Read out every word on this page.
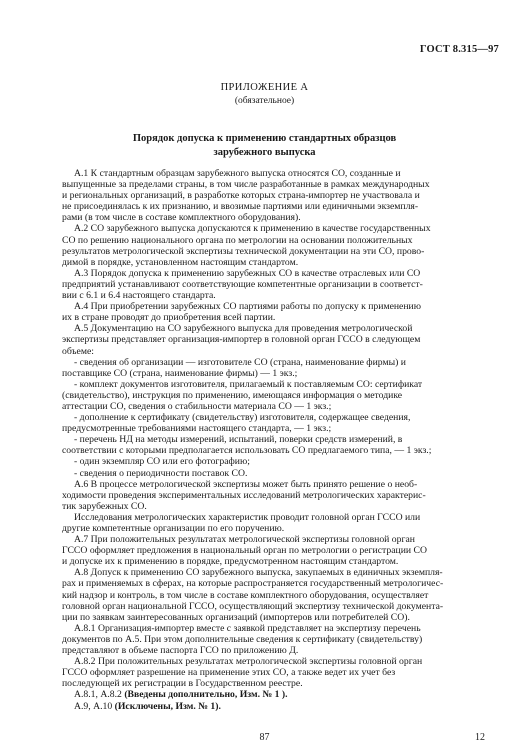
ГОСТ 8.315—97
ПРИЛОЖЕНИЕ А
(обязательное)
Порядок допуска к применению стандартных образцов
зарубежного выпуска
А.1 К стандартным образцам зарубежного выпуска относятся СО, созданные и
выпущенные за пределами страны, в том числе разработанные в рамках международных
и региональных организаций, в разработке которых страна-импортер не участвовала и
не присоединялась к их признанию, и ввозимые партиями или единичными экземпля-
рами (в том числе в составе комплектного оборудования).
А.2 СО зарубежного выпуска допускаются к применению в качестве государственных
СО по решению национального органа по метрологии на основании положительных
результатов метрологической экспертизы технической документации на эти СО, прово-
димой в порядке, установленном настоящим стандартом.
А.3 Порядок допуска к применению зарубежных СО в качестве отраслевых или СО
предприятий устанавливают соответствующие компетентные организации в соответст-
вии с 6.1 и 6.4 настоящего стандарта.
А.4 При приобретении зарубежных СО партиями работы по допуску к применению
их в стране проводят до приобретения всей партии.
А.5 Документацию на СО зарубежного выпуска для проведения метрологической
экспертизы представляет организация-импортер в головной орган ГССО в следующем
объеме:
- сведения об организации — изготовителе СО (страна, наименование фирмы) и
поставщике СО (страна, наименование фирмы) — 1 экз.;
- комплект документов изготовителя, прилагаемый к поставляемым СО: сертификат
(свидетельство), инструкция по применению, имеющаяся информация о методике
аттестации СО, сведения о стабильности материала СО — 1 экз.;
- дополнение к сертификату (свидетельству) изготовителя, содержащее сведения,
предусмотренные требованиями настоящего стандарта, — 1 экз.;
- перечень НД на методы измерений, испытаний, поверки средств измерений, в
соответствии с которыми предполагается использовать СО предлагаемого типа, — 1 экз.;
- один экземпляр СО или его фотографию;
- сведения о периодичности поставок СО.
А.6 В процессе метрологической экспертизы может быть принято решение о необ-
ходимости проведения экспериментальных исследований метрологических характерис-
тик зарубежных СО.
Исследования метрологических характеристик проводит головной орган ГССО или
другие компетентные организации по его поручению.
А.7 При положительных результатах метрологической экспертизы головной орган
ГССО оформляет предложения в национальный орган по метрологии о регистрации СО
и допуске их к применению в порядке, предусмотренном настоящим стандартом.
А.8 Допуск к применению СО зарубежного выпуска, закупаемых в единичных экземпля-
рах и применяемых в сферах, на которые распространяется государственный метрологичес-
кий надзор и контроль, в том числе в составе комплектного оборудования, осуществляет
головной орган национальной ГССО, осуществляющий экспертизу технической документа-
ции по заявкам заинтересованных организаций (импортеров или потребителей СО).
А.8.1 Организация-импортер вместе с заявкой представляет на экспертизу перечень
документов по А.5. При этом дополнительные сведения к сертификату (свидетельству)
представляют в объеме паспорта ГСО по приложению Д.
А.8.2 При положительных результатах метрологической экспертизы головной орган
ГССО оформляет разрешение на применение этих СО, а также ведет их учет без
последующей их регистрации в Государственном реестре.
А.8.1, А.8.2 (Введены дополнительно, Изм. № 1 ).
А.9, А.10 (Исключены, Изм. № 1).
87	12
